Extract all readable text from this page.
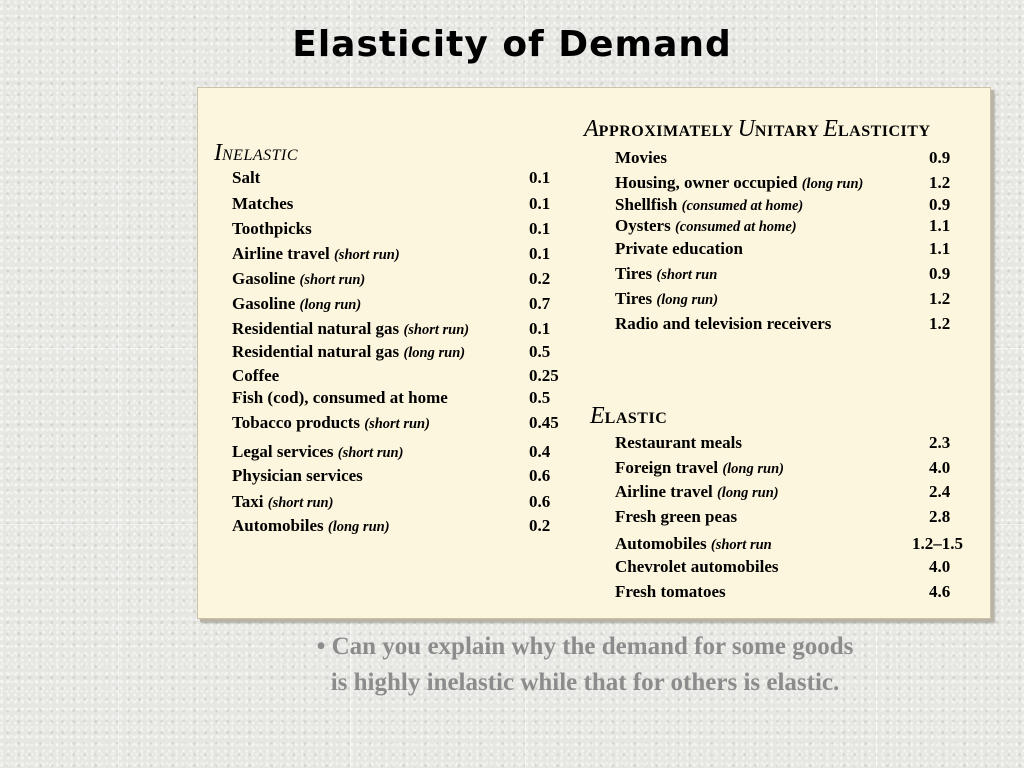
Elasticity of Demand
INELASTIC
Salt	0.1
Matches	0.1
Toothpicks	0.1
Airline travel (short run)	0.1
Gasoline (short run)	0.2
Gasoline (long run)	0.7
Residential natural gas (short run)	0.1
Residential natural gas (long run)	0.5
Coffee	0.25
Fish (cod), consumed at home	0.5
Tobacco products (short run)	0.45
Legal services (short run)	0.4
Physician services	0.6
Taxi (short run)	0.6
Automobiles (long run)	0.2
APPROXIMATELY UNITARY ELASTICITY
Movies	0.9
Housing, owner occupied (long run)	1.2
Shellfish (consumed at home)	0.9
Oysters (consumed at home)	1.1
Private education	1.1
Tires (short run	0.9
Tires (long run)	1.2
Radio and television receivers	1.2
ELASTIC
Restaurant meals	2.3
Foreign travel (long run)	4.0
Airline travel (long run)	2.4
Fresh green peas	2.8
Automobiles (short run	1.2–1.5
Chevrolet automobiles	4.0
Fresh tomatoes	4.6
• Can you explain why the demand for some goods
is highly inelastic while that for others is elastic.
